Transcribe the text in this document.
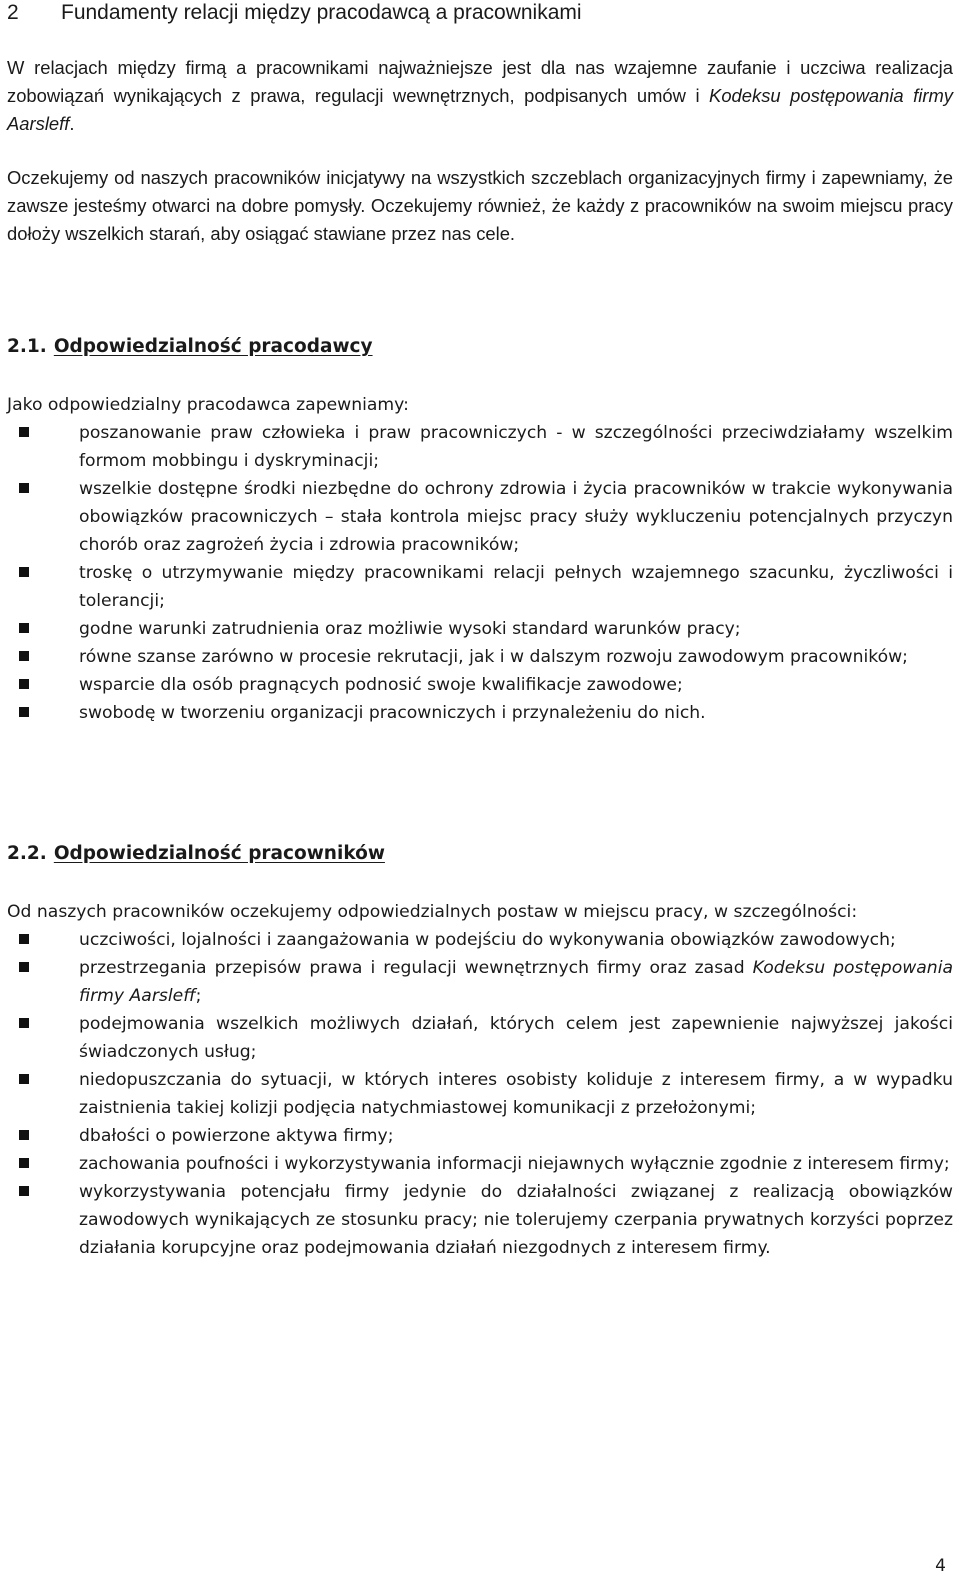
2 Fundamenty relacji między pracodawcą a pracownikami

W relacjach między firmą a pracownikami najważniejsze jest dla nas wzajemne zaufanie i uczciwa realizacja zobowiązań wynikających z prawa, regulacji wewnętrznych, podpisanych umów i Kodeksu postępowania firmy Aarsleff.

Oczekujemy od naszych pracowników inicjatywy na wszystkich szczeblach organizacyjnych firmy i zapewniamy, że zawsze jesteśmy otwarci na dobre pomysły. Oczekujemy również, że każdy z pracowników na swoim miejscu pracy dołoży wszelkich starań, aby osiągać stawiane przez nas cele.

2.1. Odpowiedzialność pracodawcy

Jako odpowiedzialny pracodawca zapewniamy:

poszanowanie praw człowieka i praw pracowniczych - w szczególności przeciwdziałamy wszelkim formom mobbingu i dyskryminacji;
wszelkie dostępne środki niezbędne do ochrony zdrowia i życia pracowników w trakcie wykonywania obowiązków pracowniczych – stała kontrola miejsc pracy służy wykluczeniu potencjalnych przyczyn chorób oraz zagrożeń życia i zdrowia pracowników;
troskę o utrzymywanie między pracownikami relacji pełnych wzajemnego szacunku, życzliwości i tolerancji;
godne warunki zatrudnienia oraz możliwie wysoki standard warunków pracy;
równe szanse zarówno w procesie rekrutacji, jak i w dalszym rozwoju zawodowym pracowników;
wsparcie dla osób pragnących podnosić swoje kwalifikacje zawodowe;
swobodę w tworzeniu organizacji pracowniczych i przynależeniu do nich.
2.2. Odpowiedzialność pracowników

Od naszych pracowników oczekujemy odpowiedzialnych postaw w miejscu pracy, w szczególności:

uczciwości, lojalności i zaangażowania w podejściu do wykonywania obowiązków zawodowych;
przestrzegania przepisów prawa i regulacji wewnętrznych firmy oraz zasad Kodeksu postępowania firmy Aarsleff;
podejmowania wszelkich możliwych działań, których celem jest zapewnienie najwyższej jakości świadczonych usług;
niedopuszczania do sytuacji, w których interes osobisty koliduje z interesem firmy, a w wypadku zaistnienia takiej kolizji podjęcia natychmiastowej komunikacji z przełożonymi;
dbałości o powierzone aktywa firmy;
zachowania poufności i wykorzystywania informacji niejawnych wyłącznie zgodnie z interesem firmy;
wykorzystywania potencjału firmy jedynie do działalności związanej z realizacją obowiązków zawodowych wynikających ze stosunku pracy; nie tolerujemy czerpania prywatnych korzyści poprzez działania korupcyjne oraz podejmowania działań niezgodnych z interesem firmy.
4
